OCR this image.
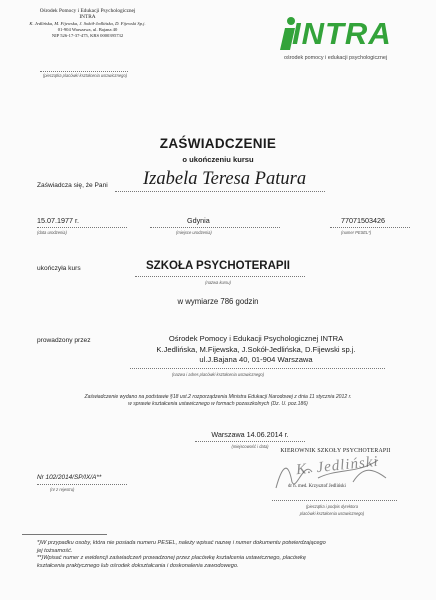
Ośrodek Pomocy i Edukacji Psychologicznej
INTRA
K. Jedlińska, M. Fijewska, J. Sokół-Jedlińska, D. Fijewski Sp.j.
01-904 Warszawa, ul. Bajana 40
NIP 526-17-37-475, KRS 0000395732
(pieczątka placówki kształcenia ustawicznego)
INTRA
ośrodek pomocy i edukacji psychologicznej
ZAŚWIADCZENIE
o ukończeniu kursu
Zaświadcza się, że Pani Izabela Teresa Patura
15.07.1977 r.	Gdynia	77071503426
(data urodzenia)	(miejsce urodzenia)	(numer PESEL*)
ukończyła kurs	SZKOŁA PSYCHOTERAPII
(nazwa kursu)
w wymiarze 786 godzin
prowadzony przez	Ośrodek Pomocy i Edukacji Psychologicznej INTRA
K.Jedlińska, M.Fijewska, J.Sokół-Jedlińska, D.Fijewski sp.j.
ul.J.Bajana 40, 01-904 Warszawa
(nazwa i adres placówki kształcenia ustawicznego)
Zaświadczenie wydano na podstawie §18 ust.2 rozporządzenia Ministra Edukacji Narodowej z dnia 11 stycznia 2012 r.
w sprawie kształcenia ustawicznego w formach pozaszkolnych (Dz. U. poz.186)
Warszawa 14.06.2014 r.
(miejscowość i data)
Nr 102/2014/SP/IX/A**
(nr z rejestru)
KIEROWNIK SZKOŁY PSYCHOTERAPII
dr n. med. Krzysztof Jedliński
K. Jedliński
(pieczątka i podpis dyrektora
placówki kształcenia ustawicznego)
*)W przypadku osoby, która nie posiada numeru PESEL, należy wpisać nazwę i numer dokumentu potwierdzającego
jej tożsamość.
**)Wpisać numer z ewidencji zaświadczeń prowadzonej przez placówkę kształcenia ustawicznego, placówkę
kształcenia praktycznego lub ośrodek dokształcania i doskonalenia zawodowego.
